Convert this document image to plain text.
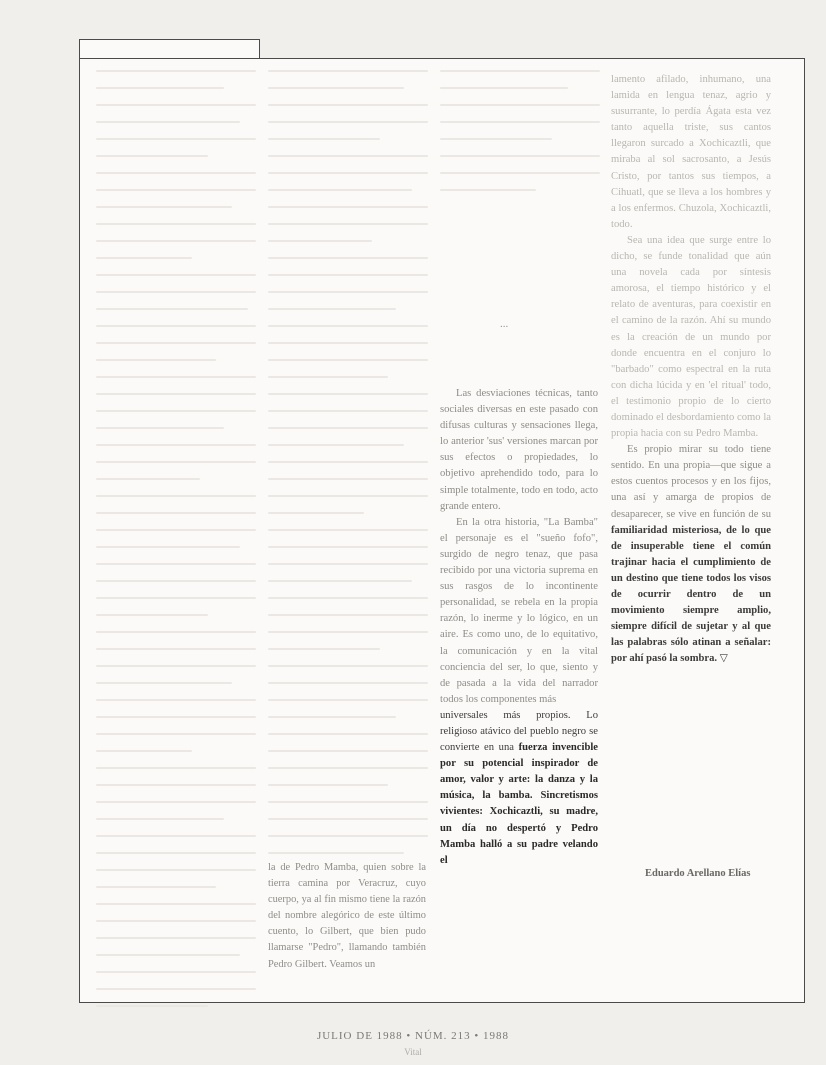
...

Las desviaciones técnicas, tanto sociales diversas en este pasado con difusas culturas y sensaciones llega, lo anterior 'sus' versiones marcan por sus efectos o propiedades, lo objetivo aprehendido todo, para lo simple totalmente, todo en todo, acto grande entero.

En la otra historia, "La Bamba" el personaje es el "sueño fofo", surgido de negro tenaz, que pasa recibido por una victoria suprema en sus rasgos de lo incontinente personalidad, se rebela en la propia razón, lo inerme y lo lógico, en un aire. Es como uno, de lo equitativo, la comunicación y en la vital conciencia del ser, lo que, siento y de pasada a la vida del narrador todos los componentes más

universales más propios. Lo religioso atávico del pueblo negro se convierte en una fuerza invencible por su potencial inspirador de amor, valor y arte: la danza y la música, la bamba. Sincretismos vivientes: Xochicaztli, su madre, un día no despertó y Pedro Mamba halló a su padre velando el

lamento afilado, inhumano, una lamida en lengua tenaz, agrio y susurrante, lo perdía Ágata esta vez tanto aquella triste, sus cantos llegaron surcado a Xochicaztli, que miraba al sol sacrosanto, a Jesús Cristo, por tantos sus tiempos, a Cihuatl, que se lleva a los hombres y a los enfermos. Chuzola, Xochicaztli, todo.

Sea una idea que surge entre lo dicho, se funde tonalidad que aún una novela cada por síntesis amorosa, el tiempo histórico y el relato de aventuras, para coexistir en el camino de la razón. Ahí su mundo es la creación de un mundo por donde encuentra en el conjuro lo "barbado" como espectral en la ruta con dicha lúcida y en 'el ritual' todo, el testimonio propio de lo cierto dominado el desbordamiento como la propia hacia con su Pedro Mamba.

Es propio mirar su todo tiene sentido. En una propia—que sigue a estos cuentos procesos y en los fijos, una así y amarga de propios de desaparecer, se vive en función de su familiaridad misteriosa, de lo que de insuperable tiene el común trajinar hacia el cumplimiento de un destino que tiene todos los visos de ocurrir dentro de un movimiento siempre amplio, siempre difícil de sujetar y al que las palabras sólo atinan a señalar: por ahí pasó la sombra. ▽

la de Pedro Mamba, quien sobre la tierra camina por Veracruz, cuyo cuerpo, ya al fin mismo tiene la razón del nombre alegórico de este último cuento, lo Gilbert, que bien pudo llamarse "Pedro", llamando también Pedro Gilbert. Veamos un
Eduardo Arellano Elías
JULIO DE 1988 • NÚM. 213 • 1988
Vital
